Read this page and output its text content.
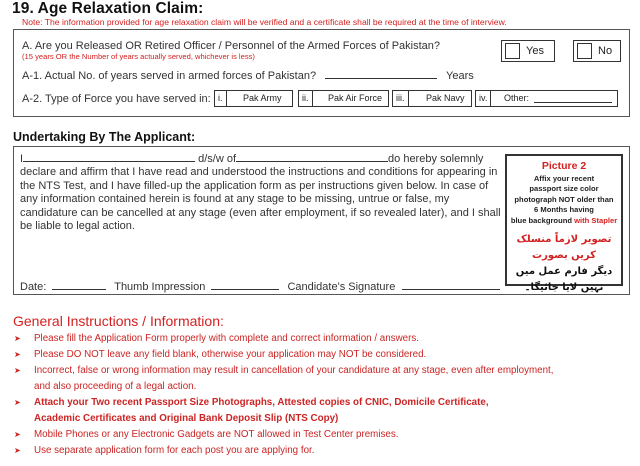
19. Age Relaxation Claim:
Note: The information provided for age relaxation claim will be verified and a certificate shall be required at the time of interview.
A. Are you Released OR Retired Officer / Personnel of the Armed Forces of Pakistan?
(15 years OR the Number of years actually served, whichever is less)	Yes	No
A-1. Actual No. of years served in armed forces of Pakistan?	Years
A-2. Type of Force you have served in: i.	Pak Army	ii.	Pak Air Force	iii.	Pak Navy	iv.	Other:
Undertaking By The Applicant:
I	d/s/w of	do hereby solemnly
declare and affirm that I have read and understood the instructions and conditions for appearing in
the NTS Test, and I have filled-up the application form as per instructions given below. In case of
any information contained herein is found at any stage to be missing, untrue or false, my
candidature can be cancelled at any stage (even after employment, if so revealed later), and I shall
be liable to legal action.
Date:	Thumb Impression	Candidate's Signature
Picture 2
Affix your recent
passport size color
photograph NOT older than
6 Months having
blue background with Stapler
تصویر لازماً منسلک کریں بصورت
دیگر فارم عمل میں نہیں لایا جائیگا۔
General Instructions / Information:
➤	Please fill the Application Form properly with complete and correct information / answers.
➤	Please DO NOT leave any field blank, otherwise your application may NOT be considered.
➤	Incorrect, false or wrong information may result in cancellation of your candidature at any stage, even after employment,
and also proceeding of a legal action.
➤	Attach your Two recent Passport Size Photographs, Attested copies of CNIC, Domicile Certificate,
Academic Certificates and Original Bank Deposit Slip (NTS Copy)
➤	Mobile Phones or any Electronic Gadgets are NOT allowed in Test Center premises.
➤	Use separate application form for each post you are applying for.
